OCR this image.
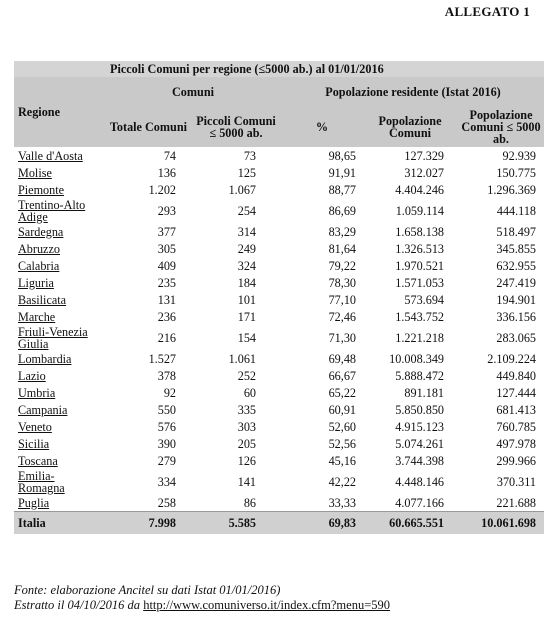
ALLEGATO 1
Piccoli Comuni per regione (≤5000 ab.) al 01/01/2016					
Regione	Comuni		Popolazione residente (Istat 2016)		
	Totale Comuni	Piccoli Comuni ≤ 5000 ab.	%	Popolazione Comuni	Popolazione Comuni ≤ 5000 ab.
Valle d'Aosta	74	73	98,65	127.329	92.939
Molise	136	125	91,91	312.027	150.775
Piemonte	1.202	1.067	88,77	4.404.246	1.296.369
Trentino-Alto Adige	293	254	86,69	1.059.114	444.118
Sardegna	377	314	83,29	1.658.138	518.497
Abruzzo	305	249	81,64	1.326.513	345.855
Calabria	409	324	79,22	1.970.521	632.955
Liguria	235	184	78,30	1.571.053	247.419
Basilicata	131	101	77,10	573.694	194.901
Marche	236	171	72,46	1.543.752	336.156
Friuli-Venezia Giulia	216	154	71,30	1.221.218	283.065
Lombardia	1.527	1.061	69,48	10.008.349	2.109.224
Lazio	378	252	66,67	5.888.472	449.840
Umbria	92	60	65,22	891.181	127.444
Campania	550	335	60,91	5.850.850	681.413
Veneto	576	303	52,60	4.915.123	760.785
Sicilia	390	205	52,56	5.074.261	497.978
Toscana	279	126	45,16	3.744.398	299.966
Emilia-Romagna	334	141	42,22	4.448.146	370.311
Puglia	258	86	33,33	4.077.166	221.688
Italia	7.998	5.585	69,83	60.665.551	10.061.698
Fonte: elaborazione Ancitel su dati Istat 01/01/2016)
Estratto il 04/10/2016 da http://www.comuniverso.it/index.cfm?menu=590
